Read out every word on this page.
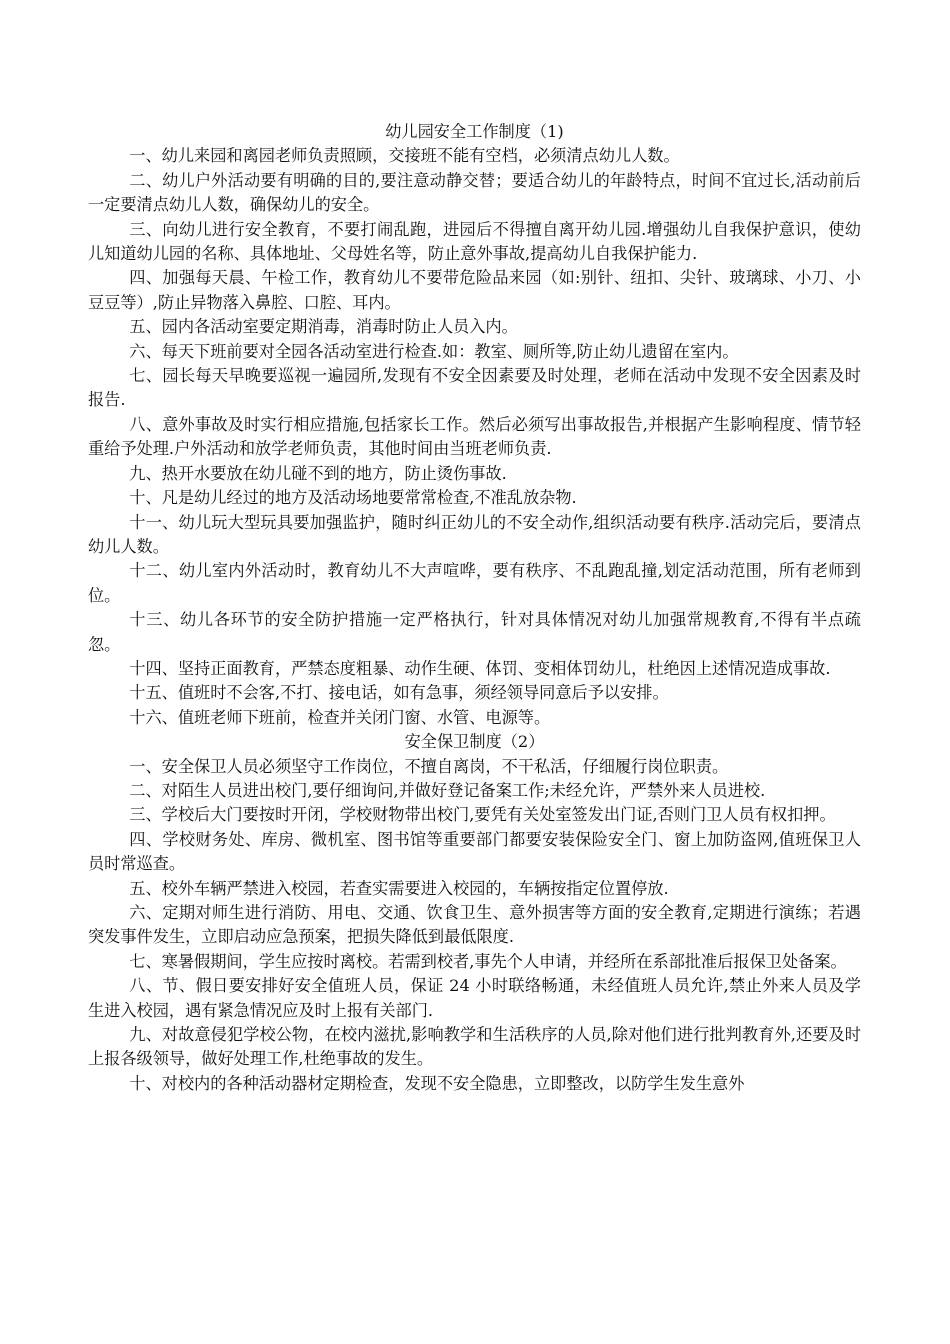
幼儿园安全工作制度（1)

一、幼儿来园和离园老师负责照顾，交接班不能有空档，必须清点幼儿人数。

二、幼儿户外活动要有明确的目的,要注意动静交替；要适合幼儿的年龄特点，时间不宜过长,活动前后一定要清点幼儿人数，确保幼儿的安全。

三、向幼儿进行安全教育，不要打闹乱跑，进园后不得擅自离开幼儿园.增强幼儿自我保护意识，使幼儿知道幼儿园的名称、具体地址、父母姓名等，防止意外事故,提高幼儿自我保护能力.

四、加强每天晨、午检工作，教育幼儿不要带危险品来园（如:别针、纽扣、尖针、玻璃球、小刀、小豆豆等）,防止异物落入鼻腔、口腔、耳内。

五、园内各活动室要定期消毒，消毒时防止人员入内。

六、每天下班前要对全园各活动室进行检查.如：教室、厕所等,防止幼儿遗留在室内。

七、园长每天早晚要巡视一遍园所,发现有不安全因素要及时处理，老师在活动中发现不安全因素及时报告.

八、意外事故及时实行相应措施,包括家长工作。然后必须写出事故报告,并根据产生影响程度、情节轻重给予处理.户外活动和放学老师负责，其他时间由当班老师负责.

九、热开水要放在幼儿碰不到的地方，防止烫伤事故.

十、凡是幼儿经过的地方及活动场地要常常检查,不准乱放杂物.

十一、幼儿玩大型玩具要加强监护，随时纠正幼儿的不安全动作,组织活动要有秩序.活动完后，要清点幼儿人数。

十二、幼儿室内外活动时，教育幼儿不大声喧哗，要有秩序、不乱跑乱撞,划定活动范围，所有老师到位。

十三、幼儿各环节的安全防护措施一定严格执行，针对具体情况对幼儿加强常规教育,不得有半点疏忽。

十四、坚持正面教育，严禁态度粗暴、动作生硬、体罚、变相体罚幼儿，杜绝因上述情况造成事故.

十五、值班时不会客,不打、接电话，如有急事，须经领导同意后予以安排。

十六、值班老师下班前，检查并关闭门窗、水管、电源等。

安全保卫制度（2）

一、安全保卫人员必须坚守工作岗位，不擅自离岗，不干私活，仔细履行岗位职责。

二、对陌生人员进出校门,要仔细询问,并做好登记备案工作;未经允许，严禁外来人员进校.

三、学校后大门要按时开闭，学校财物带出校门,要凭有关处室签发出门证,否则门卫人员有权扣押。

四、学校财务处、库房、微机室、图书馆等重要部门都要安装保险安全门、窗上加防盗网,值班保卫人员时常巡查。

五、校外车辆严禁进入校园，若查实需要进入校园的，车辆按指定位置停放.

六、定期对师生进行消防、用电、交通、饮食卫生、意外损害等方面的安全教育,定期进行演练；若遇突发事件发生，立即启动应急预案，把损失降低到最低限度.

七、寒暑假期间，学生应按时离校。若需到校者,事先个人申请，并经所在系部批准后报保卫处备案。

八、节、假日要安排好安全值班人员，保证 24 小时联络畅通，未经值班人员允许,禁止外来人员及学生进入校园，遇有紧急情况应及时上报有关部门.

九、对故意侵犯学校公物，在校内滋扰,影响教学和生活秩序的人员,除对他们进行批判教育外,还要及时上报各级领导，做好处理工作,杜绝事故的发生。

十、对校内的各种活动器材定期检查，发现不安全隐患，立即整改，以防学生发生意外
